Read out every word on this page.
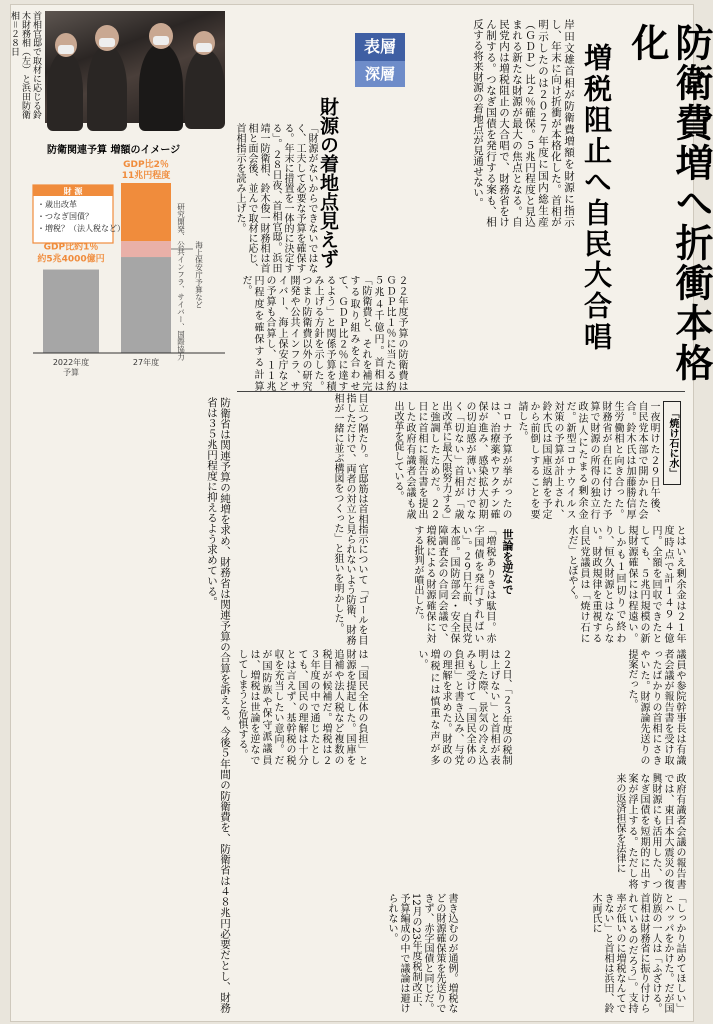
防衛費増へ折衝本格化
増税阻止へ自民大合唱
岸田文雄首相が防衛費増額を財源に指示し、年末に向け折衝が本格化した。首相が明示したのは２０２７年度に国内総生産（ＧＤＰ）比２％確保。５兆円程度と見込まれる新たな財源が最大の焦点となる。自民党内は増税阻止の大合唱で、財務省をけん制する。つなぎ国債を発行する案も、相反する将来財源の着地点が見通せない。
表層
深層
財源の着地点見えず
「財源がないからできないではなく、工夫して必要な予算を確保する。年末に措置を一体的に決定する」。２８日夜、首相官邸。浜田靖一防衛相、鈴木俊一財務相は首相と面会後、並んで取材に応じ、首相指示を読み上げた。
２２年度予算の防衛費はＧＤＰ比１％に当たる約５兆４千億円。首相は「防衛費と、それを補完する取り組みを合わせて、ＧＤＰ比２％に達するよう」と関係予算を積み上げる方針を示した。つまり防衛費以外の研究開発や公共インフラ、サイバー、海上保安庁などの予算も合算し、１１兆円程度を確保する計算だ。
「焼け石に水」
一夜明けた２９日午後、自民党本部で開かれた会合。鈴木氏は加藤勝信厚生労働相と向き合った。財務省が自在に付けた予算で財源の所得の独立行政法人にたまる剰余金だ。新型コロナウイルス対策の予算が計上され、鈴木氏は国庫返納を予定から前倒しすることを要請した。
コロナ予算が挙がったのは、治療薬やワクチン確保が進み、感染拡大初期の切迫感が薄いだけでなく「切ない」首相が「歳出改革に最大限努力する」と強調したためだ。２２日に首相に報告書を提出した政府有識者会議も歳出改革を促している。
とはいえ剰余金は２１年度時点で計１４９４億円。全額を回収できたとしても、５兆円規模の新規財源確保には程遠い。しかも１回切りで終わり、恒久財源とはならない。財政規律を重視する自民党議員は「焼け石に水だ」とぼやく。
世論を逆なで
「増税ありきは駄目。赤字国債を発行すればいい」。２９日午前、自民党本部。国防部会・安全保障調査会の合同会議で、増税による財源確保に対する批判が噴出した。
議員や参院幹事長は有識者会議が報告書を受け取ったばかりの首相にさきやいた。財源論先送りの提案だった。
２２日、「２３年度の税制は上げない」と首相が表明した際、景気の冷え込みも受けて「国民全体の負担」と書き込み、与党の理解を求めた。財政の増税には慎重な声が多い。
は「国民全体の負担」と財源を提起した。国庫を追補や法人税など複数の税目が候補だ。増税は２３年度の中で通じたとしても、国民の理解は十分とは言えず、基幹税の税収を充当したい意向。だが国防族や保守派議員は、増税は世論を逆なでしてしまうと危惧する。
政府有識者会議の報告書では、東日本大震災の復興財源にも活用した、つなぎ国債を短期的に出す案が浮上する。ただし将来の返済担保を法律に
書き込むのが通例。増税などの財源確保策を先送りできず、赤字国債と同じだ。12月の23年度税制改正、予算編成の中で議論は避けられない。	「しっかり詰めてほしい」とハッパをかけた。だが国防族の一人は「ふざける。首相は財務省に振り付けられているのだろう」。支持率が低いのに増税なんてできない」と首相は浜田、鈴木両氏に
防衛省は関連予算の純増を求め、財務省は関連予算の合算を訴える。今後５年間の防衛費を、防衛省は４８兆円必要だとし、財務省は３５兆円程度に抑えるよう求めている。	目立つ隔たり。官邸筋は首相指示について「ゴールを目指しただけで、両者の対立と見られないよう防衛、財務相が一緒に並ぶ構図をつくった」と狙いを明かした。
首相官邸で取材に応じる鈴木財務相（左）と浜田防衛相＝２８日
防衛関連予算 増額のイメージ
GDP比約1％
約5兆4000億円
GDP比2％
11兆円程度
2022年度
予算
27年度
財 源
・歳出改革
・つなぎ国債？
・増税？（法人税など）	研究開発、公共インフラ、サイバー、国際協力 海上保安庁予算など
